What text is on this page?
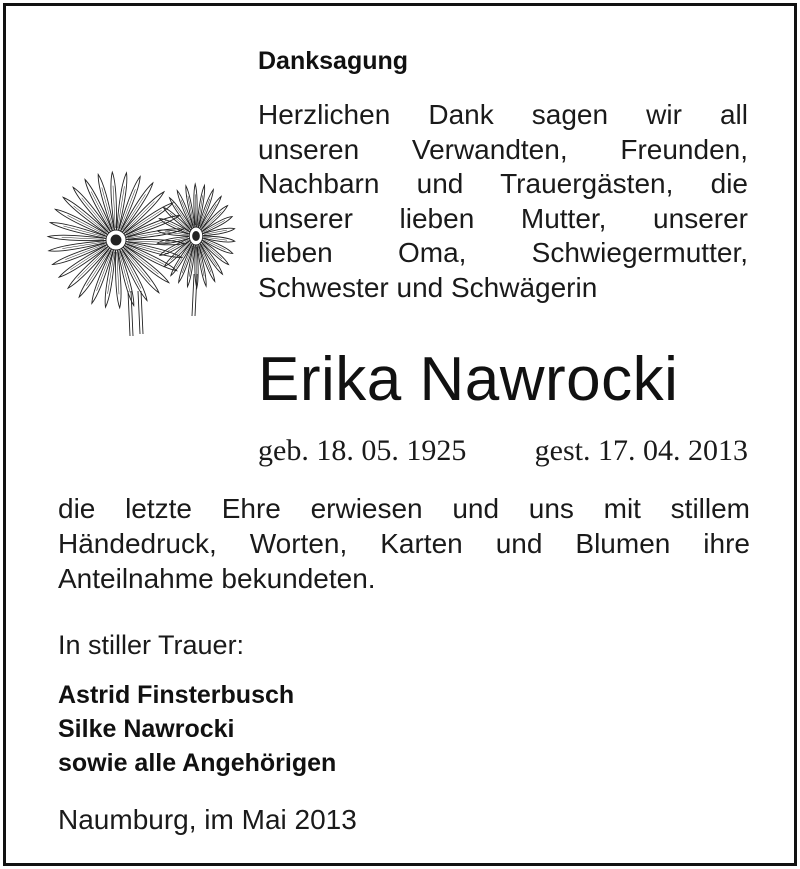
Danksagung
Herzlichen Dank sagen wir all
unseren Verwandten, Freunden,
Nachbarn und Trauergästen, die
unserer lieben Mutter, unserer
lieben Oma, Schwiegermutter,
Schwester und Schwägerin
Erika Nawrocki
geb. 18. 05. 1925 gest. 17. 04. 2013
die letzte Ehre erwiesen und uns mit stillem
Händedruck, Worten, Karten und Blumen ihre
Anteilnahme bekundeten.
In stiller Trauer:
Astrid Finsterbusch
Silke Nawrocki
sowie alle Angehörigen
Naumburg, im Mai 2013
